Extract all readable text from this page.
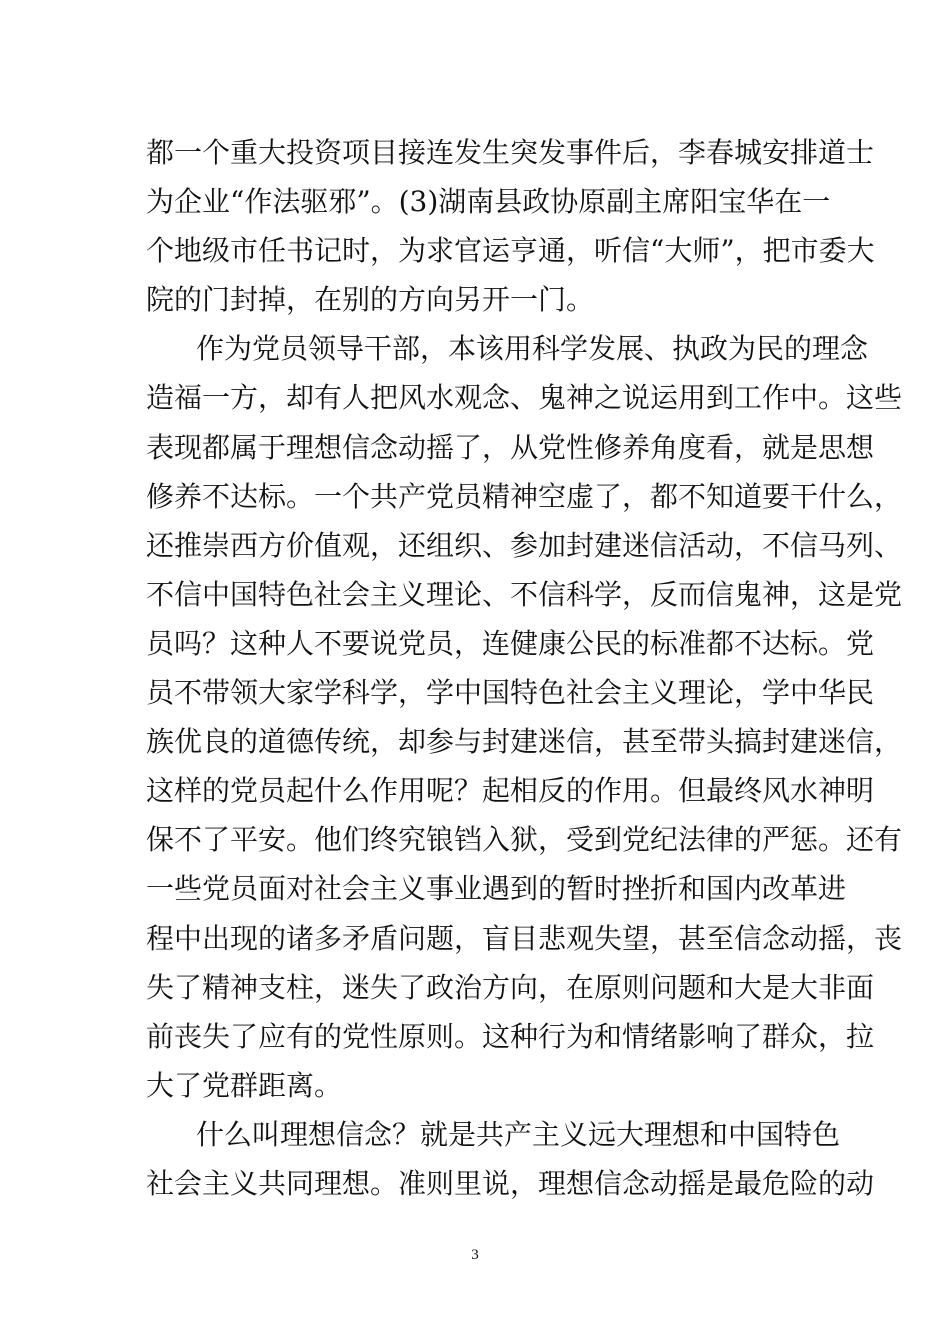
都一个重大投资项目接连发生突发事件后，李春城安排道士
为企业“作法驱邪”。(3)湖南县政协原副主席阳宝华在一
个地级市任书记时，为求官运亨通，听信“大师”，把市委大
院的门封掉，在别的方向另开一门。
作为党员领导干部，本该用科学发展、执政为民的理念
造福一方，却有人把风水观念、鬼神之说运用到工作中。这些
表现都属于理想信念动摇了，从党性修养角度看，就是思想
修养不达标。一个共产党员精神空虚了，都不知道要干什么，
还推崇西方价值观，还组织、参加封建迷信活动，不信马列、
不信中国特色社会主义理论、不信科学，反而信鬼神，这是党
员吗？这种人不要说党员，连健康公民的标准都不达标。党
员不带领大家学科学，学中国特色社会主义理论，学中华民
族优良的道德传统，却参与封建迷信，甚至带头搞封建迷信，
这样的党员起什么作用呢？起相反的作用。但最终风水神明
保不了平安。他们终究锒铛入狱，受到党纪法律的严惩。还有
一些党员面对社会主义事业遇到的暂时挫折和国内改革进
程中出现的诸多矛盾问题，盲目悲观失望，甚至信念动摇，丧
失了精神支柱，迷失了政治方向，在原则问题和大是大非面
前丧失了应有的党性原则。这种行为和情绪影响了群众，拉
大了党群距离。
什么叫理想信念？就是共产主义远大理想和中国特色
社会主义共同理想。准则里说，理想信念动摇是最危险的动
3
